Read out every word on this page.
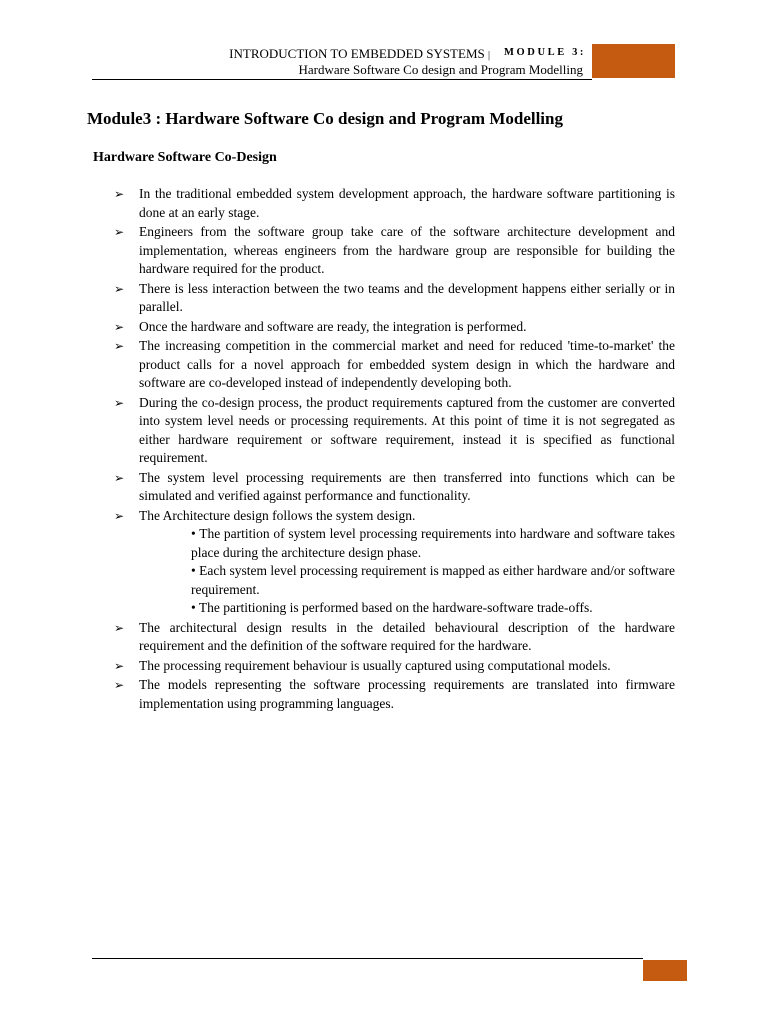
INTRODUCTION TO EMBEDDED SYSTEMS | MODULE 3:
Hardware Software Co design and Program Modelling
Module3 : Hardware Software Co design and Program Modelling
Hardware Software Co-Design
➢ In the traditional embedded system development approach, the hardware software partitioning is done at an early stage.
➢ Engineers from the software group take care of the software architecture development and implementation, whereas engineers from the hardware group are responsible for building the hardware required for the product.
➢ There is less interaction between the two teams and the development happens either serially or in parallel.
➢ Once the hardware and software are ready, the integration is performed.
➢ The increasing competition in the commercial market and need for reduced 'time-to-market' the product calls for a novel approach for embedded system design in which the hardware and software are co-developed instead of independently developing both.
➢ During the co-design process, the product requirements captured from the customer are converted into system level needs or processing requirements. At this point of time it is not segregated as either hardware requirement or software requirement, instead it is specified as functional requirement.
➢ The system level processing requirements are then transferred into functions which can be simulated and verified against performance and functionality.
➢ The Architecture design follows the system design.
• The partition of system level processing requirements into hardware and software takes place during the architecture design phase.
• Each system level processing requirement is mapped as either hardware and/or software requirement.
• The partitioning is performed based on the hardware-software trade-offs.
➢ The architectural design results in the detailed behavioural description of the hardware requirement and the definition of the software required for the hardware.
➢ The processing requirement behaviour is usually captured using computational models.
➢ The models representing the software processing requirements are translated into firmware implementation using programming languages.
